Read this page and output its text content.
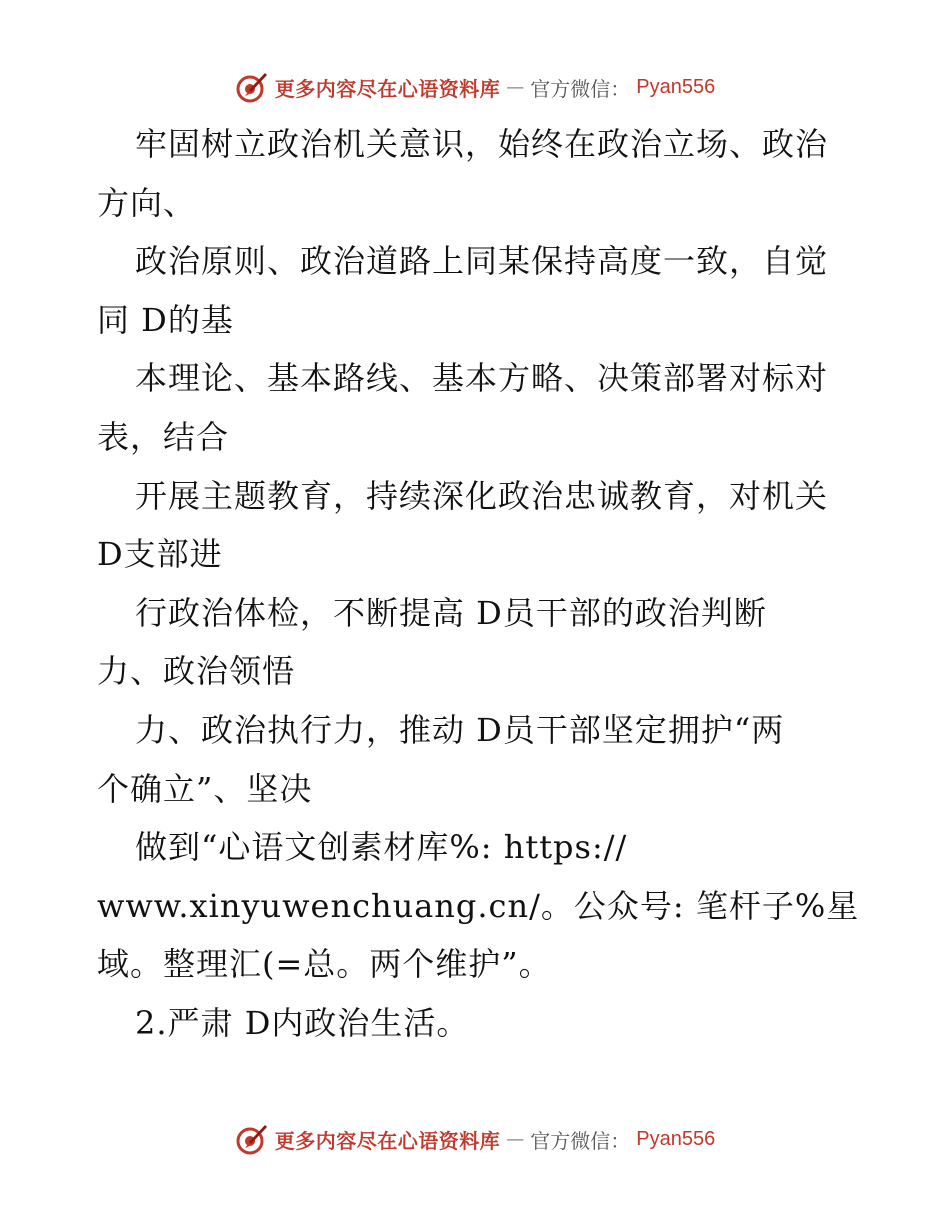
更多内容尽在心语资料库 — 官方微信： Pyan556
牢固树立政治机关意识，始终在政治立场、政治
方向、
政治原则、政治道路上同某保持高度一致，自觉
同 D的基
本理论、基本路线、基本方略、决策部署对标对
表，结合
开展主题教育，持续深化政治忠诚教育，对机关
D支部进
行政治体检，不断提高 D员干部的政治判断
力、政治领悟
力、政治执行力，推动 D员干部坚定拥护“两
个确立”、坚决
做到“心语文创素材库%: https://
www.xinyuwenchuang.cn/。公众号: 笔杆子%星
域。整理汇(=总。两个维护”。
2.严肃 D内政治生活。
更多内容尽在心语资料库 — 官方微信： Pyan556
